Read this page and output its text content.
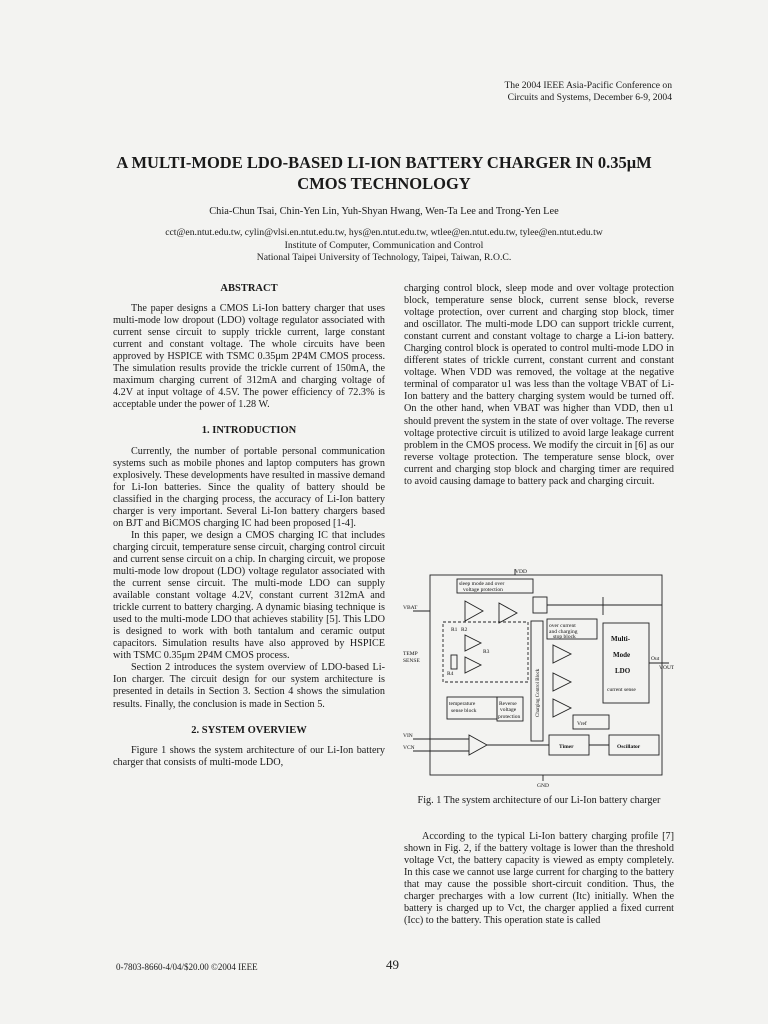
The 2004 IEEE Asia-Pacific Conference on
Circuits and Systems, December 6-9, 2004
A MULTI-MODE LDO-BASED LI-ION BATTERY CHARGER IN 0.35μM
CMOS TECHNOLOGY
Chia-Chun Tsai, Chin-Yen Lin, Yuh-Shyan Hwang, Wen-Ta Lee and Trong-Yen Lee
cct@en.ntut.edu.tw, cylin@vlsi.en.ntut.edu.tw, hys@en.ntut.edu.tw, wtlee@en.ntut.edu.tw, tylee@en.ntut.edu.tw
Institute of Computer, Communication and Control
National Taipei University of Technology, Taipei, Taiwan, R.O.C.
ABSTRACT

The paper designs a CMOS Li-Ion battery charger that uses multi-mode low dropout (LDO) voltage regulator associated with current sense circuit to supply trickle current, large constant current and constant voltage. The whole circuits have been approved by HSPICE with TSMC 0.35μm 2P4M CMOS process. The simulation results provide the trickle current of 150mA, the maximum charging current of 312mA and charging voltage of 4.2V at input voltage of 4.5V. The power efficiency of 72.3% is acceptable under the power of 1.28 W.

1. INTRODUCTION

Currently, the number of portable personal communication systems such as mobile phones and laptop computers has grown explosively. These developments have resulted in massive demand for Li-Ion batteries. Since the quality of battery should be classified in the charging process, the accuracy of Li-Ion battery charger is very important. Several Li-Ion battery chargers based on BJT and BiCMOS charging IC had been proposed [1-4].

In this paper, we design a CMOS charging IC that includes charging circuit, temperature sense circuit, charging control circuit and current sense circuit on a chip. In charging circuit, we propose multi-mode low dropout (LDO) voltage regulator associated with the current sense circuit. The multi-mode LDO can supply available constant voltage 4.2V, constant current 312mA and trickle current to battery charging. A dynamic biasing technique is used to the multi-mode LDO that achieves stability [5]. This LDO is designed to work with both tantalum and ceramic output capacitors. Simulation results have also approved by HSPICE with TSMC 0.35μm 2P4M CMOS process.

Section 2 introduces the system overview of LDO-based Li-Ion charger. The circuit design for our system architecture is presented in details in Section 3. Section 4 shows the simulation results. Finally, the conclusion is made in Section 5.

2. SYSTEM OVERVIEW

Figure 1 shows the system architecture of our Li-Ion battery charger that consists of multi-mode LDO,

charging control block, sleep mode and over voltage protection block, temperature sense block, current sense block, reverse voltage protection, over current and charging stop block, timer and oscillator. The multi-mode LDO can support trickle current, constant current and constant voltage to charge a Li-ion battery. Charging control block is operated to control multi-mode LDO in different states of trickle current, constant current and constant voltage. When VDD was removed, the voltage at the negative terminal of comparator u1 was less than the voltage VBAT of Li-Ion battery and the battery charging system would be turned off. On the other hand, when VBAT was higher than VDD, then u1 should prevent the system in the state of over voltage. The reverse voltage protective circuit is utilized to avoid large leakage current problem in the CMOS process. We modify the circuit in [6] as our reverse voltage protection. The temperature sense block, over current and charging stop block and charging timer are required to avoid causing damage to battery pack and charging circuit.

VDD
sleep mode and over
voltage protection
VBAT
TEMP
SENSE
R1 R2
R3
R4
over current
and charging
stop block
Vref
Charging Control Block
Multi-
Mode
LDO
Out
VOUT
current sense
temperature
sense block
Reverse
voltage
protection
VIN
VCN	Timer	Oscillator
GND
Fig. 1 The system architecture of our Li-Ion battery charger

According to the typical Li-Ion battery charging profile [7] shown in Fig. 2, if the battery voltage is lower than the threshold voltage Vct, the battery capacity is viewed as empty completely. In this case we cannot use large current for charging to the battery that may cause the possible short-circuit condition. Thus, the charger precharges with a low current (Itc) initially. When the battery is charged up to Vct, the charger applied a fixed current (Icc) to the battery. This operation state is called

0-7803-8660-4/04/$20.00 ©2004 IEEE	49
